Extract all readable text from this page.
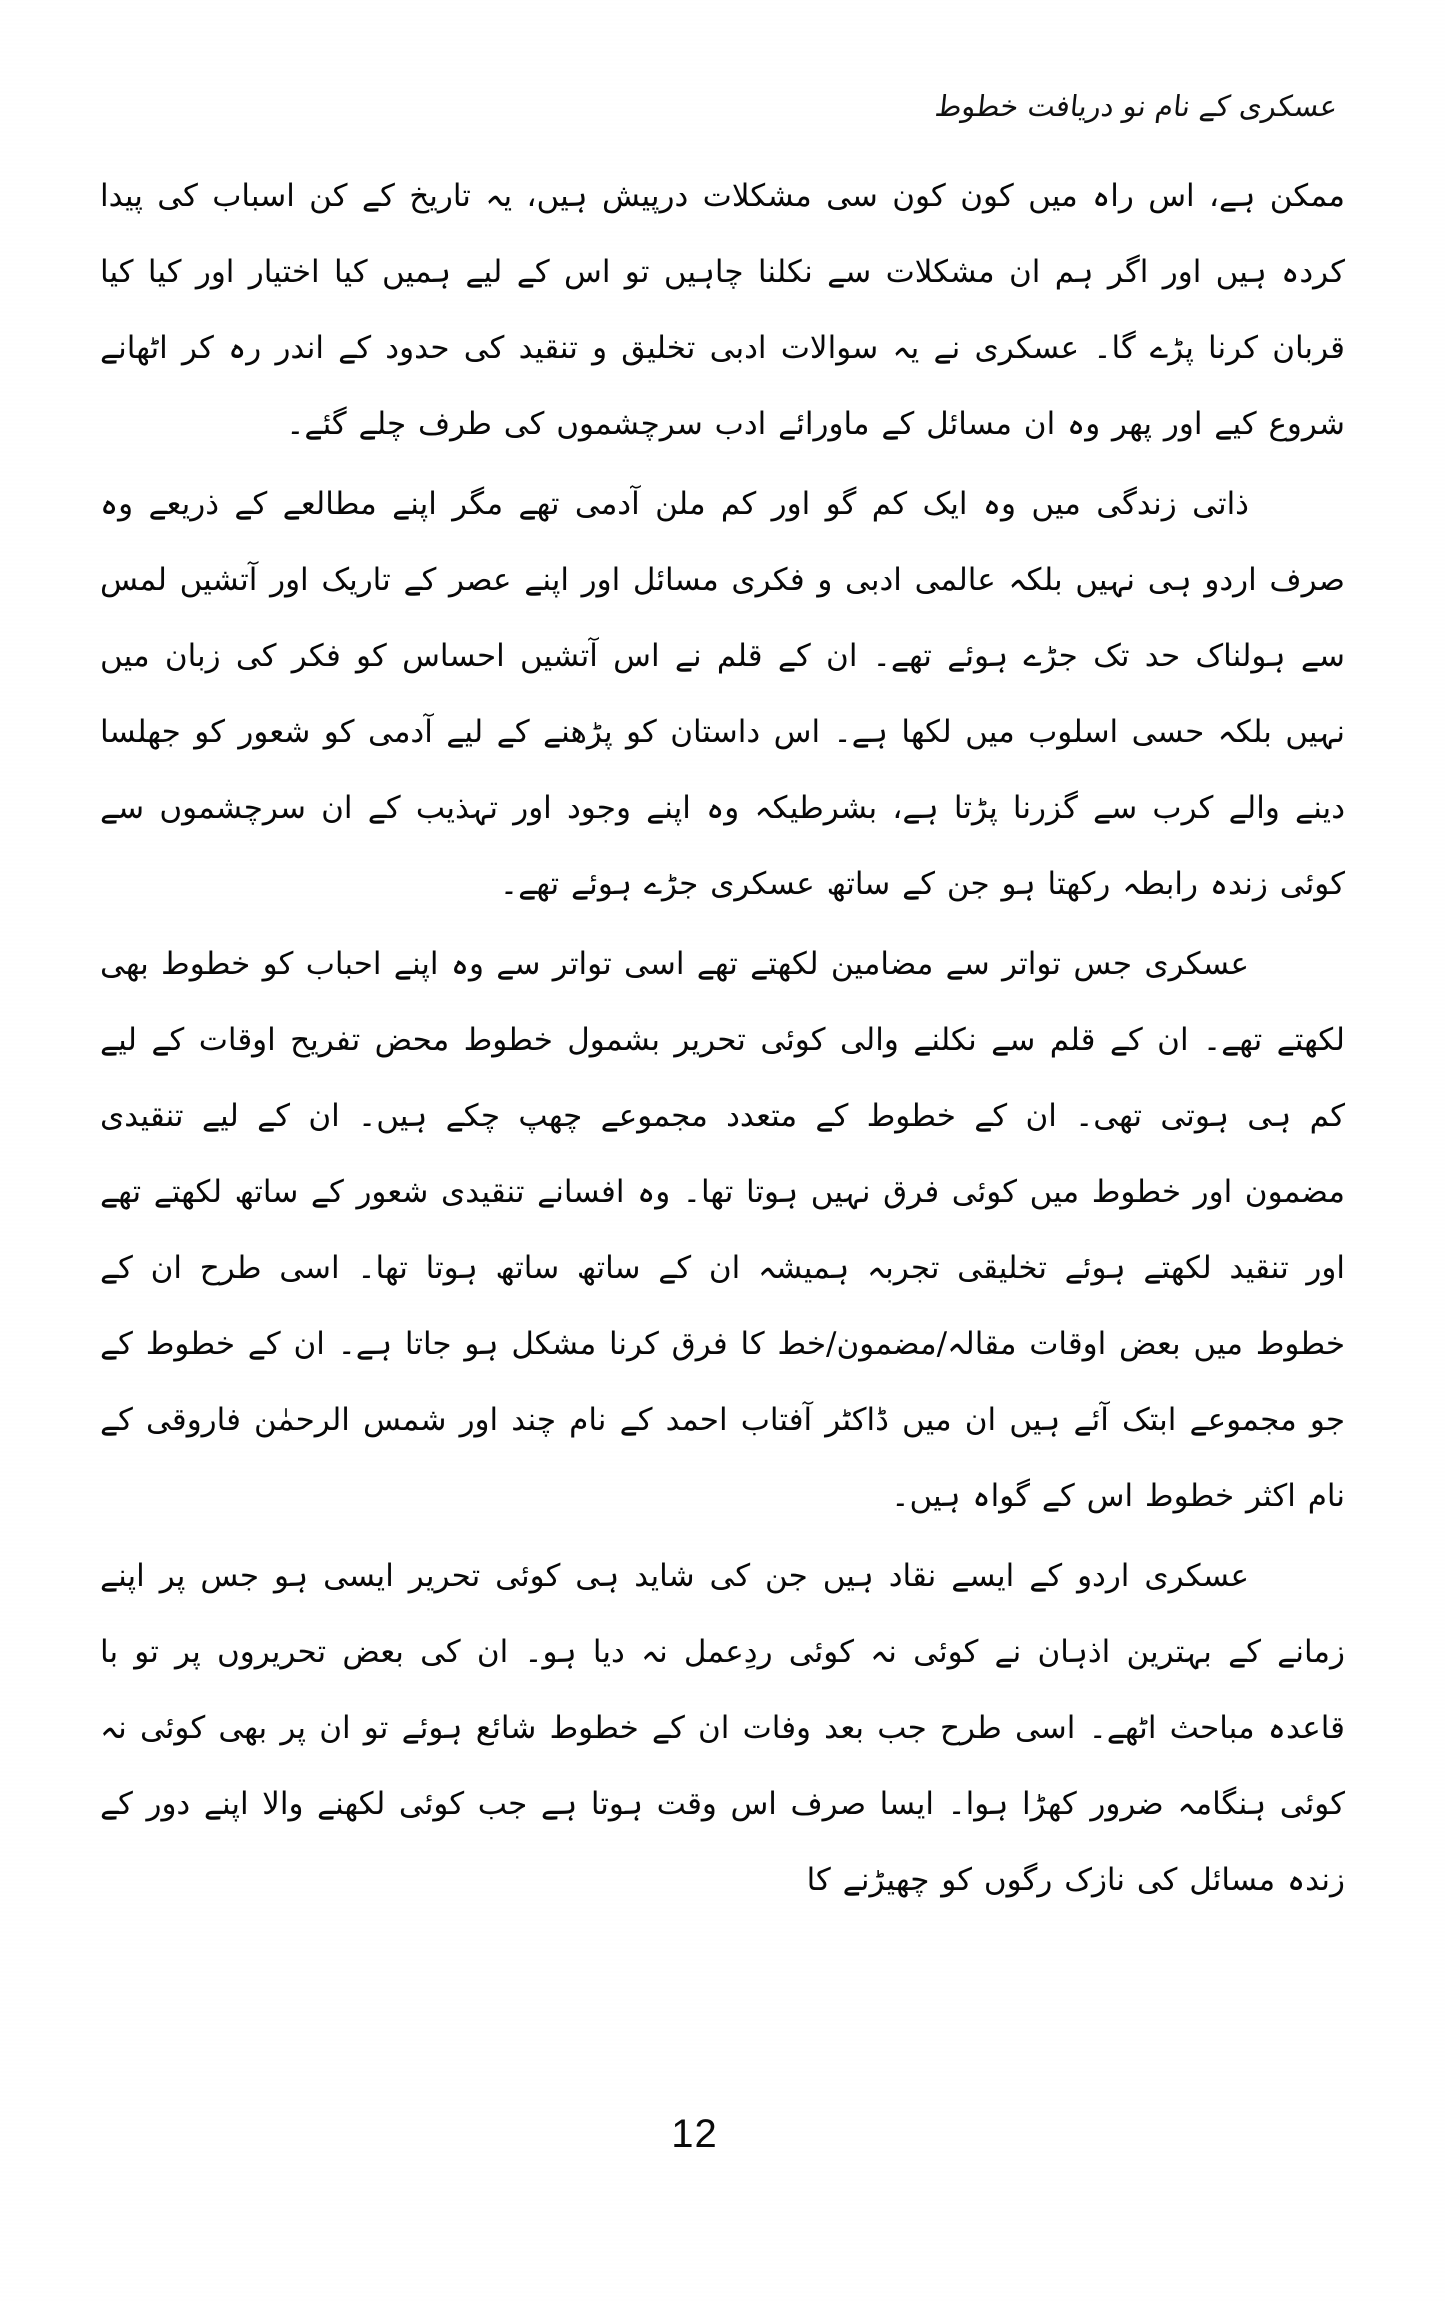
عسکری کے نام نو دریافت خطوط

ممکن ہے، اس راہ میں کون کون سی مشکلات درپیش ہیں، یہ تاریخ کے کن اسباب کی پیدا کردہ ہیں اور اگر ہم ان مشکلات سے نکلنا چاہیں تو اس کے لیے ہمیں کیا اختیار اور کیا کیا قربان کرنا پڑے گا۔ عسکری نے یہ سوالات ادبی تخلیق و تنقید کی حدود کے اندر رہ کر اٹھانے شروع کیے اور پھر وہ ان مسائل کے ماورائے ادب سرچشموں کی طرف چلے گئے۔

ذاتی زندگی میں وہ ایک کم گو اور کم ملن آدمی تھے مگر اپنے مطالعے کے ذریعے وہ صرف اردو ہی نہیں بلکہ عالمی ادبی و فکری مسائل اور اپنے عصر کے تاریک اور آتشیں لمس سے ہولناک حد تک جڑے ہوئے تھے۔ ان کے قلم نے اس آتشیں احساس کو فکر کی زبان میں نہیں بلکہ حسی اسلوب میں لکھا ہے۔ اس داستان کو پڑھنے کے لیے آدمی کو شعور کو جھلسا دینے والے کرب سے گزرنا پڑتا ہے، بشرطیکہ وہ اپنے وجود اور تہذیب کے ان سرچشموں سے کوئی زندہ رابطہ رکھتا ہو جن کے ساتھ عسکری جڑے ہوئے تھے۔

عسکری جس تواتر سے مضامین لکھتے تھے اسی تواتر سے وہ اپنے احباب کو خطوط بھی لکھتے تھے۔ ان کے قلم سے نکلنے والی کوئی تحریر بشمول خطوط محض تفریح اوقات کے لیے کم ہی ہوتی تھی۔ ان کے خطوط کے متعدد مجموعے چھپ چکے ہیں۔ ان کے لیے تنقیدی مضمون اور خطوط میں کوئی فرق نہیں ہوتا تھا۔ وہ افسانے تنقیدی شعور کے ساتھ لکھتے تھے اور تنقید لکھتے ہوئے تخلیقی تجربہ ہمیشہ ان کے ساتھ ساتھ ہوتا تھا۔ اسی طرح ان کے خطوط میں بعض اوقات مقالہ/مضمون/خط کا فرق کرنا مشکل ہو جاتا ہے۔ ان کے خطوط کے جو مجموعے ابتک آئے ہیں ان میں ڈاکٹر آفتاب احمد کے نام چند اور شمس الرحمٰن فاروقی کے نام اکثر خطوط اس کے گواہ ہیں۔

عسکری اردو کے ایسے نقاد ہیں جن کی شاید ہی کوئی تحریر ایسی ہو جس پر اپنے زمانے کے بہترین اذہان نے کوئی نہ کوئی ردِعمل نہ دیا ہو۔ ان کی بعض تحریروں پر تو با قاعدہ مباحث اٹھے۔ اسی طرح جب بعد وفات ان کے خطوط شائع ہوئے تو ان پر بھی کوئی نہ کوئی ہنگامہ ضرور کھڑا ہوا۔ ایسا صرف اس وقت ہوتا ہے جب کوئی لکھنے والا اپنے دور کے زندہ مسائل کی نازک رگوں کو چھیڑنے کا

12
